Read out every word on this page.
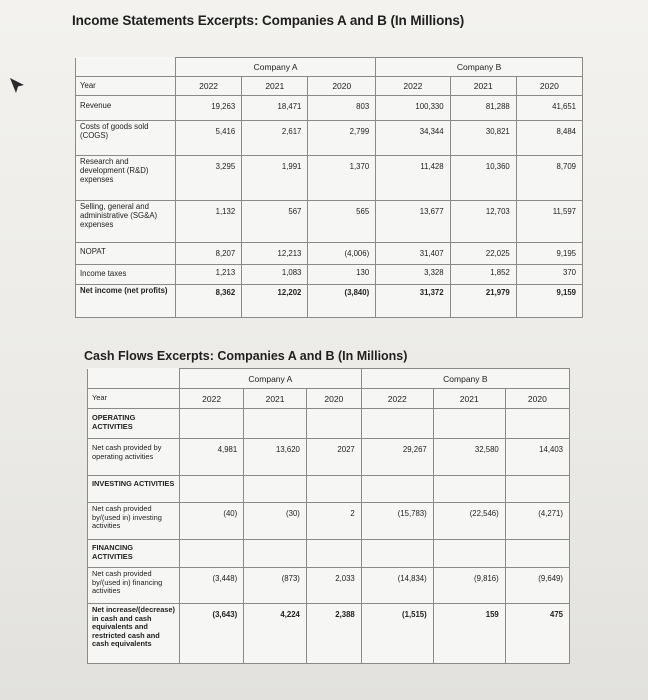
Income Statements Excerpts: Companies A and B (In Millions)
	Company A			Company B		
Year	2022	2021	2020	2022	2021	2020
Revenue	19,263	18,471	803	100,330	81,288	41,651
Costs of goods sold (COGS)	5,416	2,617	2,799	34,344	30,821	8,484
Research and development (R&D) expenses	3,295	1,991	1,370	11,428	10,360	8,709
Selling, general and administrative (SG&A) expenses	1,132	567	565	13,677	12,703	11,597
NOPAT	8,207	12,213	(4,006)	31,407	22,025	9,195
Income taxes	1,213	1,083	130	3,328	1,852	370
Net income (net profits)	8,362	12,202	(3,840)	31,372	21,979	9,159
Cash Flows Excerpts: Companies A and B (In Millions)
	Company A			Company B		
Year	2022	2021	2020	2022	2021	2020
OPERATING ACTIVITIES						
Net cash provided by operating activities	4,981	13,620	2027	29,267	32,580	14,403
INVESTING ACTIVITIES						
Net cash provided by/(used in) investing activities	(40)	(30)	2	(15,783)	(22,546)	(4,271)
FINANCING ACTIVITIES						
Net cash provided by/(used in) financing activities	(3,448)	(873)	2,033	(14,834)	(9,816)	(9,649)
Net increase/(decrease) in cash and cash equivalents and restricted cash and cash equivalents	(3,643)	4,224	2,388	(1,515)	159	475
